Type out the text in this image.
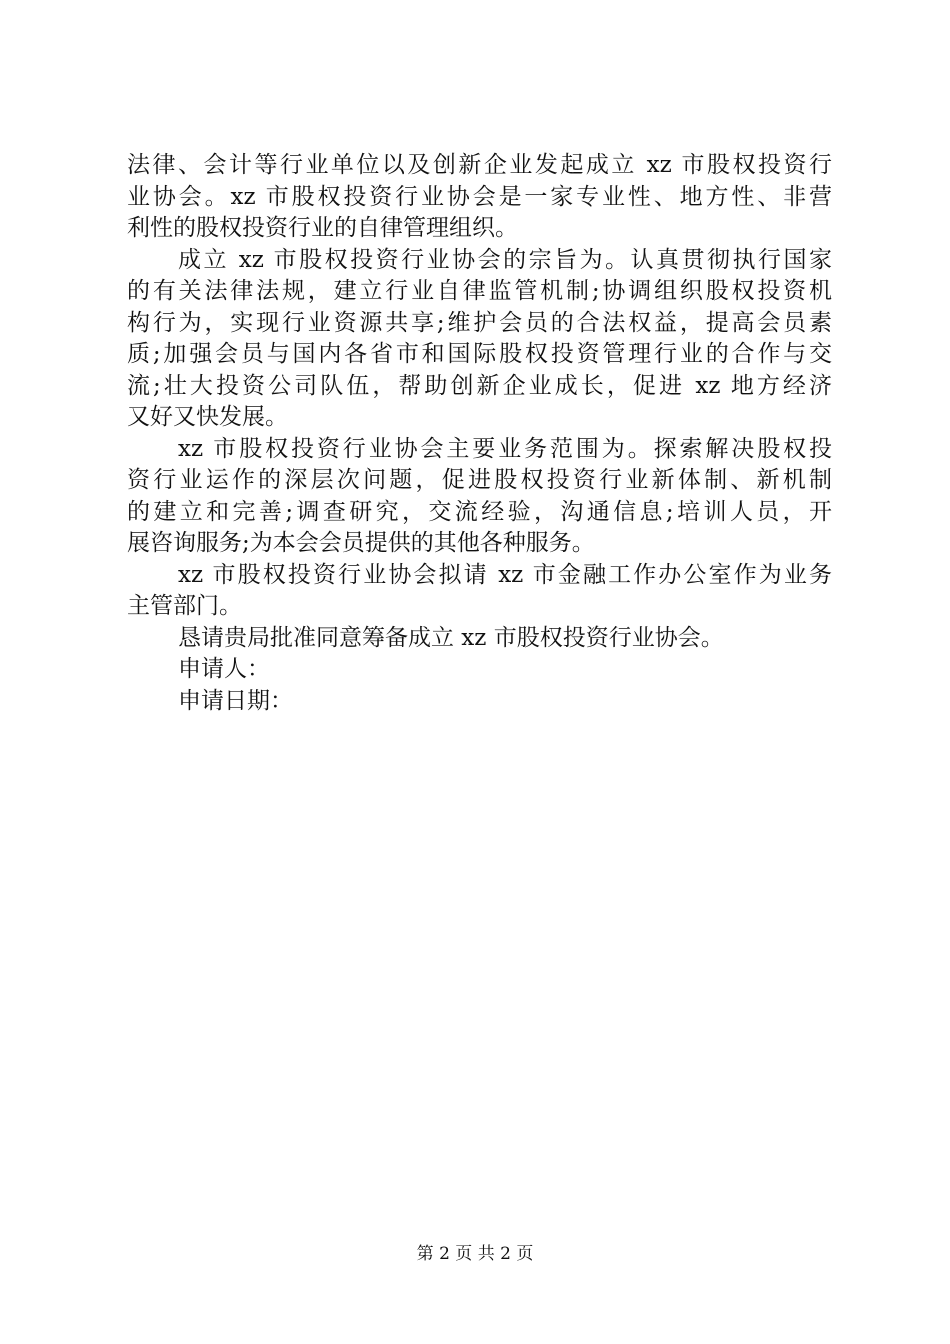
法律、会计等行业单位以及创新企业发起成立 xz 市股权投资行
业协会。xz 市股权投资行业协会是一家专业性、地方性、非营
利性的股权投资行业的自律管理组织。
成立 xz 市股权投资行业协会的宗旨为。认真贯彻执行国家
的有关法律法规，建立行业自律监管机制;协调组织股权投资机
构行为，实现行业资源共享;维护会员的合法权益，提高会员素
质;加强会员与国内各省市和国际股权投资管理行业的合作与交
流;壮大投资公司队伍，帮助创新企业成长，促进 xz 地方经济
又好又快发展。
xz 市股权投资行业协会主要业务范围为。探索解决股权投
资行业运作的深层次问题，促进股权投资行业新体制、新机制
的建立和完善;调查研究，交流经验，沟通信息;培训人员，开
展咨询服务;为本会会员提供的其他各种服务。
xz 市股权投资行业协会拟请 xz 市金融工作办公室作为业务
主管部门。
恳请贵局批准同意筹备成立 xz 市股权投资行业协会。
申请人：
申请日期：
第 2 页 共 2 页
